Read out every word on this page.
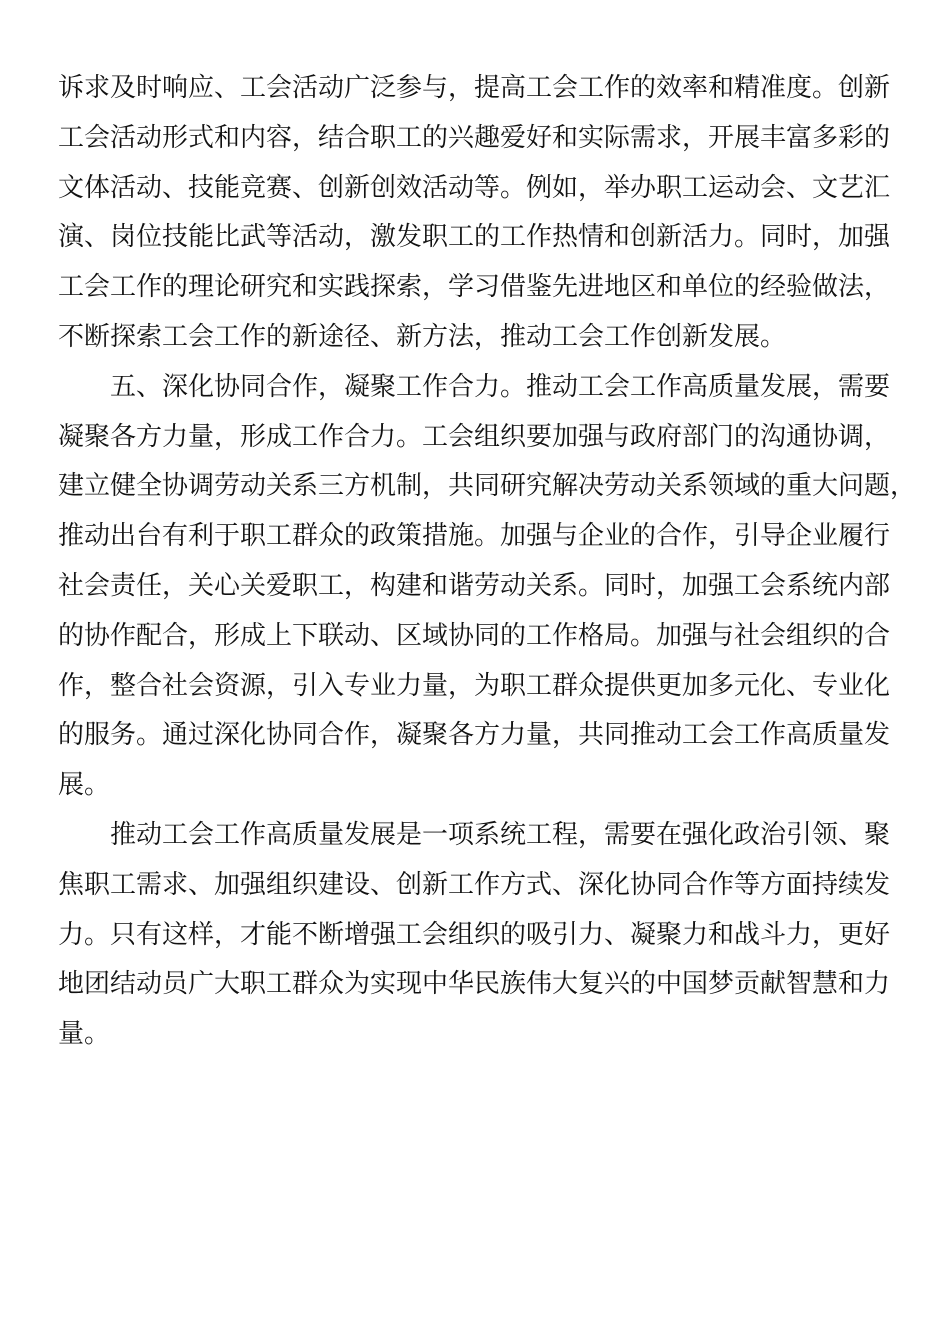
诉求及时响应、工会活动广泛参与，提高工会工作的效率和精准度。创新
工会活动形式和内容，结合职工的兴趣爱好和实际需求，开展丰富多彩的
文体活动、技能竞赛、创新创效活动等。例如，举办职工运动会、文艺汇
演、岗位技能比武等活动，激发职工的工作热情和创新活力。同时，加强
工会工作的理论研究和实践探索，学习借鉴先进地区和单位的经验做法，
不断探索工会工作的新途径、新方法，推动工会工作创新发展。
　　五、深化协同合作，凝聚工作合力。推动工会工作高质量发展，需要
凝聚各方力量，形成工作合力。工会组织要加强与政府部门的沟通协调，
建立健全协调劳动关系三方机制，共同研究解决劳动关系领域的重大问题，
推动出台有利于职工群众的政策措施。加强与企业的合作，引导企业履行
社会责任，关心关爱职工，构建和谐劳动关系。同时，加强工会系统内部
的协作配合，形成上下联动、区域协同的工作格局。加强与社会组织的合
作，整合社会资源，引入专业力量，为职工群众提供更加多元化、专业化
的服务。通过深化协同合作，凝聚各方力量，共同推动工会工作高质量发
展。
　　推动工会工作高质量发展是一项系统工程，需要在强化政治引领、聚
焦职工需求、加强组织建设、创新工作方式、深化协同合作等方面持续发
力。只有这样，才能不断增强工会组织的吸引力、凝聚力和战斗力，更好
地团结动员广大职工群众为实现中华民族伟大复兴的中国梦贡献智慧和力
量。
